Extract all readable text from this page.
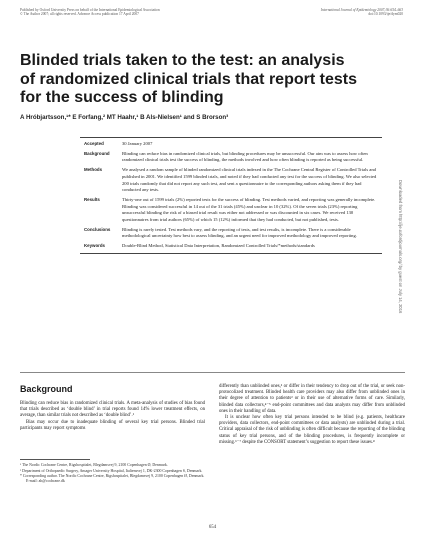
Published by Oxford University Press on behalf of the International Epidemiological Association
© The Author 2007; all rights reserved. Advance Access publication 17 April 2007
International Journal of Epidemiology 2007;36:654–663
doi:10.1093/ije/dym020
Blinded trials taken to the test: an analysis
of randomized clinical trials that report tests
for the success of blinding
A Hróbjartsson,¹* E Forfang,² MT Haahr,¹ B Als-Nielsen¹ and S Brorson³
Accepted	30 January 2007
Background	Blinding can reduce bias in randomized clinical trials, but blinding procedures may be unsuccessful. Our aim was to assess how often randomized clinical trials test the success of blinding, the methods involved and how often blinding is reported as being successful.
Methods	We analysed a random sample of blinded randomized clinical trials indexed in the The Cochrane Central Register of Controlled Trials and published in 2001. We identified 1599 blinded trials, and noted if they had conducted any test for the success of blinding. We also selected 200 trials randomly that did not report any such test, and sent a questionnaire to the corresponding authors asking them if they had conducted any tests.
Results	Thirty-one out of 1599 trials (2%) reported tests for the success of blinding. Test methods varied, and reporting was generally incomplete. Blinding was considered successful in 14 out of the 31 trials (45%) and unclear in 10 (32%). Of the seven trials (23%) reporting unsuccessful blinding the risk of a biased trial result was either not addressed or was discounted in six cases. We received 130 questionnaires from trial authors (65%) of which 15 (12%) informed that they had conducted, but not published, tests.
Conclusions	Blinding is rarely tested. Test methods vary, and the reporting of tests, and test results, is incomplete. There is a considerable methodological uncertainty how best to assess blinding, and an urgent need for improved methodology and improved reporting.
Keywords	Double-Blind Method, Statistical Data Interpretation, Randomized Controlled Trials/*methods/standards	Downloaded from http://ije.oxfordjournals.org/ by guest on July 14, 2016
Background

Blinding can reduce bias in randomized clinical trials. A meta-analysis of studies of bias found that trials described as ‘double blind’ in trial reports found 14% lower treatment effects, on average, than similar trials not described as ‘double blind’.¹

Bias may occur due to inadequate blinding of several key trial persons. Blinded trial participants may report symptoms

¹ The Nordic Cochrane Centre, Rigshospitalet, Blegdamsvej 9, 2100 Copenhagen Ø, Denmark.

² Department of Orthopaedic Surgery, Amager University Hospital, Italiensvej 1, DK-2300 Copenhagen S, Denmark.

* Corresponding author. The Nordic Cochrane Centre, Rigshospitalet, Blegdamsvej 9, 2100 Copenhagen Ø, Denmark. E-mail: ah@cochrane.dk

differently than unblinded ones,² or differ in their tendency to drop out of the trial, or seek non-protocolized treatment. Blinded health care providers may also differ from unblinded ones in their degree of attention to patients³ or in their use of alternative forms of care. Similarly, blinded data collectors,⁴⁻⁵ end-point committees and data analysts may differ from unblinded ones in their handling of data.

It is unclear how often key trial persons intended to be blind (e.g. patients, healthcare providers, data collectors, end-point committees or data analysts) are unblinded during a trial. Critical appraisal of the risk of unblinding is often difficult because the reporting of the blinding status of key trial persons, and of the blinding procedures, is frequently incomplete or missing.⁶⁻⁷ despite the CONSORT statement’s suggestion to report these issues.⁸

654
